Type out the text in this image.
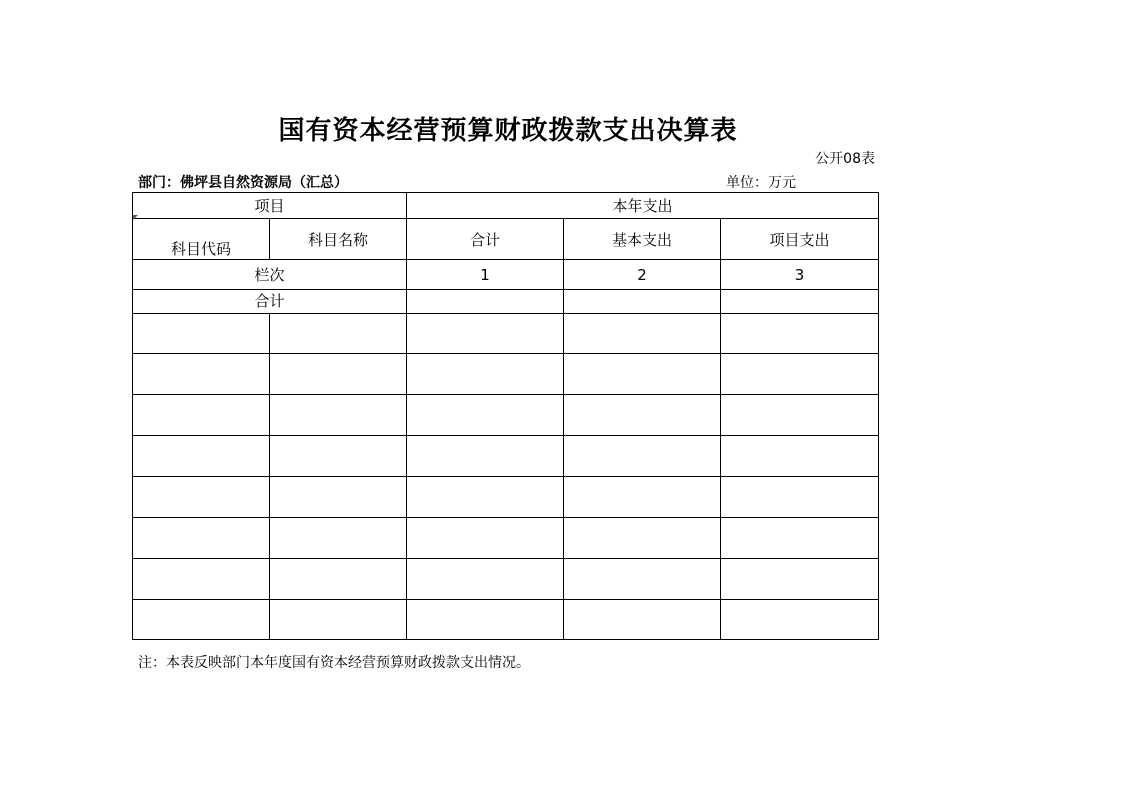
国有资本经营预算财政拨款支出决算表
公开08表
部门：佛坪县自然资源局（汇总）	单位：万元
项目		本年支出		
科目代码	科目名称	合计	基本支出	项目支出
栏次		1	2	3
合计				

注：本表反映部门本年度国有资本经营预算财政拨款支出情况。
